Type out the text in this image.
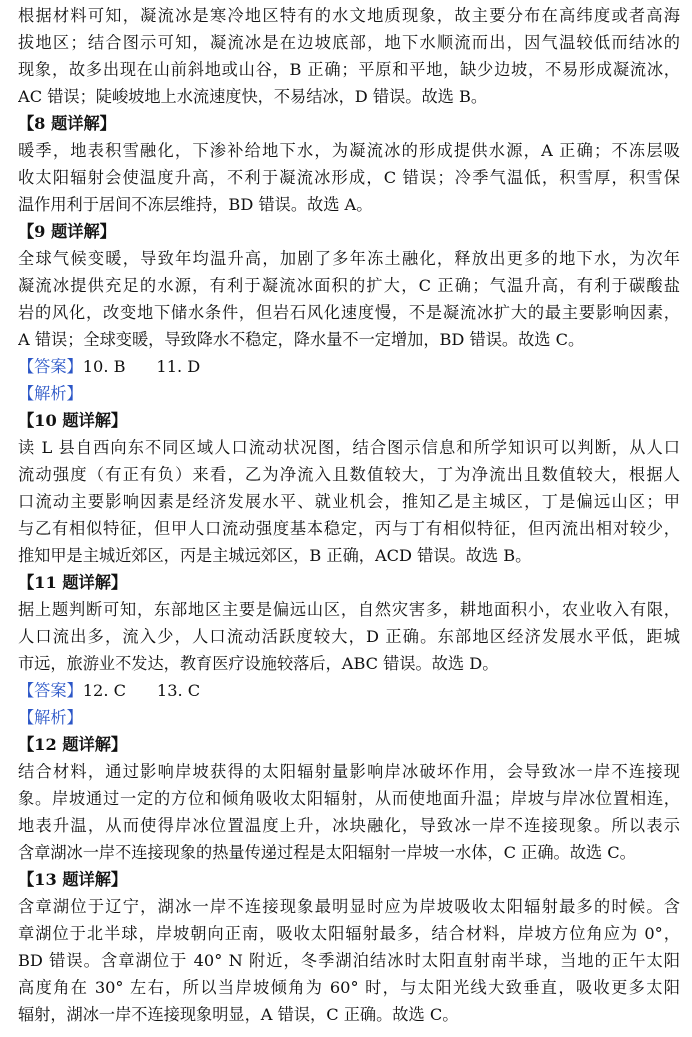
根据材料可知，凝流冰是寒冷地区特有的水文地质现象，故主要分布在高纬度或者高海
拔地区；结合图示可知，凝流冰是在边坡底部，地下水顺流而出，因气温较低而结冰的
现象，故多出现在山前斜地或山谷，B 正确；平原和平地，缺少边坡，不易形成凝流冰，
AC 错误；陡峻坡地上水流速度快，不易结冰，D 错误。故选 B。
【8 题详解】
暖季，地表积雪融化，下渗补给地下水，为凝流冰的形成提供水源，A 正确；不冻层吸
收太阳辐射会使温度升高，不利于凝流冰形成，C 错误；冷季气温低，积雪厚，积雪保
温作用利于居间不冻层维持，BD 错误。故选 A。
【9 题详解】
全球气候变暖，导致年均温升高，加剧了多年冻土融化，释放出更多的地下水，为次年
凝流冰提供充足的水源，有利于凝流冰面积的扩大，C 正确；气温升高，有利于碳酸盐
岩的风化，改变地下储水条件，但岩石风化速度慢，不是凝流冰扩大的最主要影响因素，
A 错误；全球变暖，导致降水不稳定，降水量不一定增加，BD 错误。故选 C。
【答案】10. B      11. D
【解析】
【10 题详解】
读 L 县自西向东不同区域人口流动状况图，结合图示信息和所学知识可以判断，从人口
流动强度（有正有负）来看，乙为净流入且数值较大，丁为净流出且数值较大，根据人
口流动主要影响因素是经济发展水平、就业机会，推知乙是主城区，丁是偏远山区；甲
与乙有相似特征，但甲人口流动强度基本稳定，丙与丁有相似特征，但丙流出相对较少，
推知甲是主城近郊区，丙是主城远郊区，B 正确，ACD 错误。故选 B。
【11 题详解】
据上题判断可知，东部地区主要是偏远山区，自然灾害多，耕地面积小，农业收入有限，
人口流出多，流入少，人口流动活跃度较大，D 正确。东部地区经济发展水平低，距城
市远，旅游业不发达，教育医疗设施较落后，ABC 错误。故选 D。
【答案】12. C      13. C
【解析】
【12 题详解】
结合材料，通过影响岸坡获得的太阳辐射量影响岸冰破坏作用，会导致冰一岸不连接现
象。岸坡通过一定的方位和倾角吸收太阳辐射，从而使地面升温；岸坡与岸冰位置相连，
地表升温，从而使得岸冰位置温度上升，冰块融化，导致冰一岸不连接现象。所以表示
含章湖冰一岸不连接现象的热量传递过程是太阳辐射一岸坡一水体，C 正确。故选 C。
【13 题详解】
含章湖位于辽宁，湖冰一岸不连接现象最明显时应为岸坡吸收太阳辐射最多的时候。含
章湖位于北半球，岸坡朝向正南，吸收太阳辐射最多，结合材料，岸坡方位角应为 0°，
BD 错误。含章湖位于 40° N 附近，冬季湖泊结冰时太阳直射南半球，当地的正午太阳
高度角在 30° 左右，所以当岸坡倾角为 60° 时，与太阳光线大致垂直，吸收更多太阳
辐射，湖冰一岸不连接现象明显，A 错误，C 正确。故选 C。
